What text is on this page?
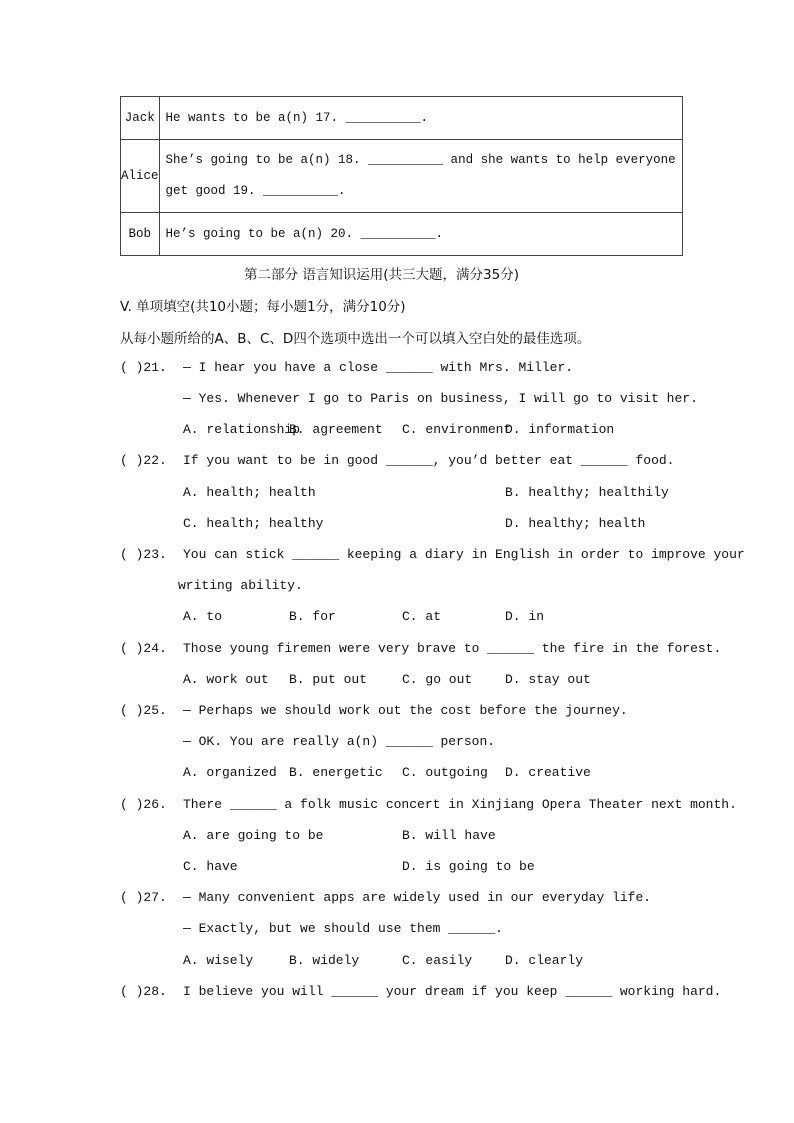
Jack	He wants to be a(n) 17. __________.

Alice	She’s going to be a(n) 18. __________ and she wants to help everyone
get good 19. __________.

Bob	He’s going to be a(n) 20. __________.
第二部分 语言知识运用(共三大题，满分35分)
V. 单项填空(共10小题；每小题1分，满分10分)
从每小题所给的A、B、C、D四个选项中选出一个可以填入空白处的最佳选项。
( )21. — I hear you have a close ______ with Mrs. Miller.
— Yes. Whenever I go to Paris on business, I will go to visit her.
A. relationship
B. agreement C. environment
D. information
( )22. If you want to be in good ______, you’d better eat ______ food.
A. health; health	B. healthy; healthily
C. health; healthy	D. healthy; health
( )23. You can stick ______ keeping a diary in English in order to improve your
writing ability.
A. to	B. for	C. at	D. in
( )24. Those young firemen were very brave to ______ the fire in the forest.
A. work out B. put out	C. go out	D. stay out
( )25. — Perhaps we should work out the cost before the journey.
— OK. You are really a(n) ______ person.
A. organized B. energetic C. outgoing D. creative
( )26. There ______ a folk music concert in Xinjiang Opera Theater next month.
A. are going to be	B. will have
C. have	D. is going to be
( )27. — Many convenient apps are widely used in our everyday life.
— Exactly, but we should use them ______.
A. wisely	B. widely	C. easily	D. clearly
( )28. I believe you will ______ your dream if you keep ______ working hard.
